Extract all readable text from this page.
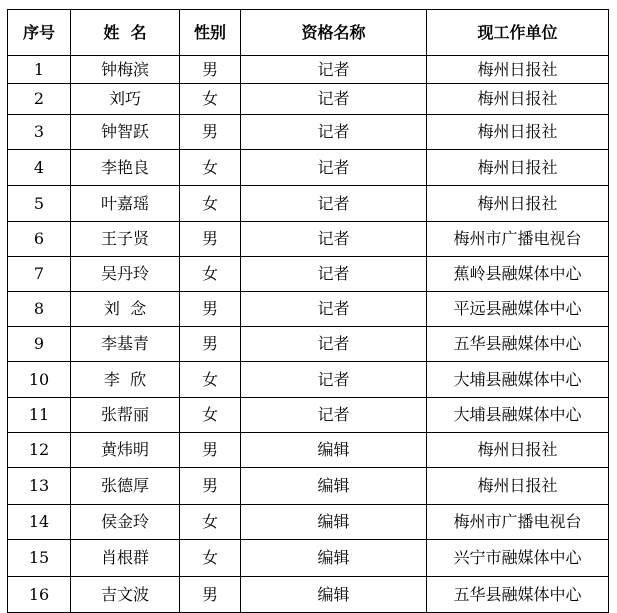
序号	姓  名	性别	资格名称	现工作单位
1	钟梅滨	男	记者	梅州日报社
2	刘巧	女	记者	梅州日报社
3	钟智跃	男	记者	梅州日报社
4	李艳良	女	记者	梅州日报社
5	叶嘉瑶	女	记者	梅州日报社
6	王子贤	男	记者	梅州市广播电视台
7	吴丹玲	女	记者	蕉岭县融媒体中心
8	刘  念	男	记者	平远县融媒体中心
9	李基青	男	记者	五华县融媒体中心
10	李  欣	女	记者	大埔县融媒体中心
11	张帮丽	女	记者	大埔县融媒体中心
12	黄炜明	男	编辑	梅州日报社
13	张德厚	男	编辑	梅州日报社
14	侯金玲	女	编辑	梅州市广播电视台
15	肖根群	女	编辑	兴宁市融媒体中心
16	吉文波	男	编辑	五华县融媒体中心
